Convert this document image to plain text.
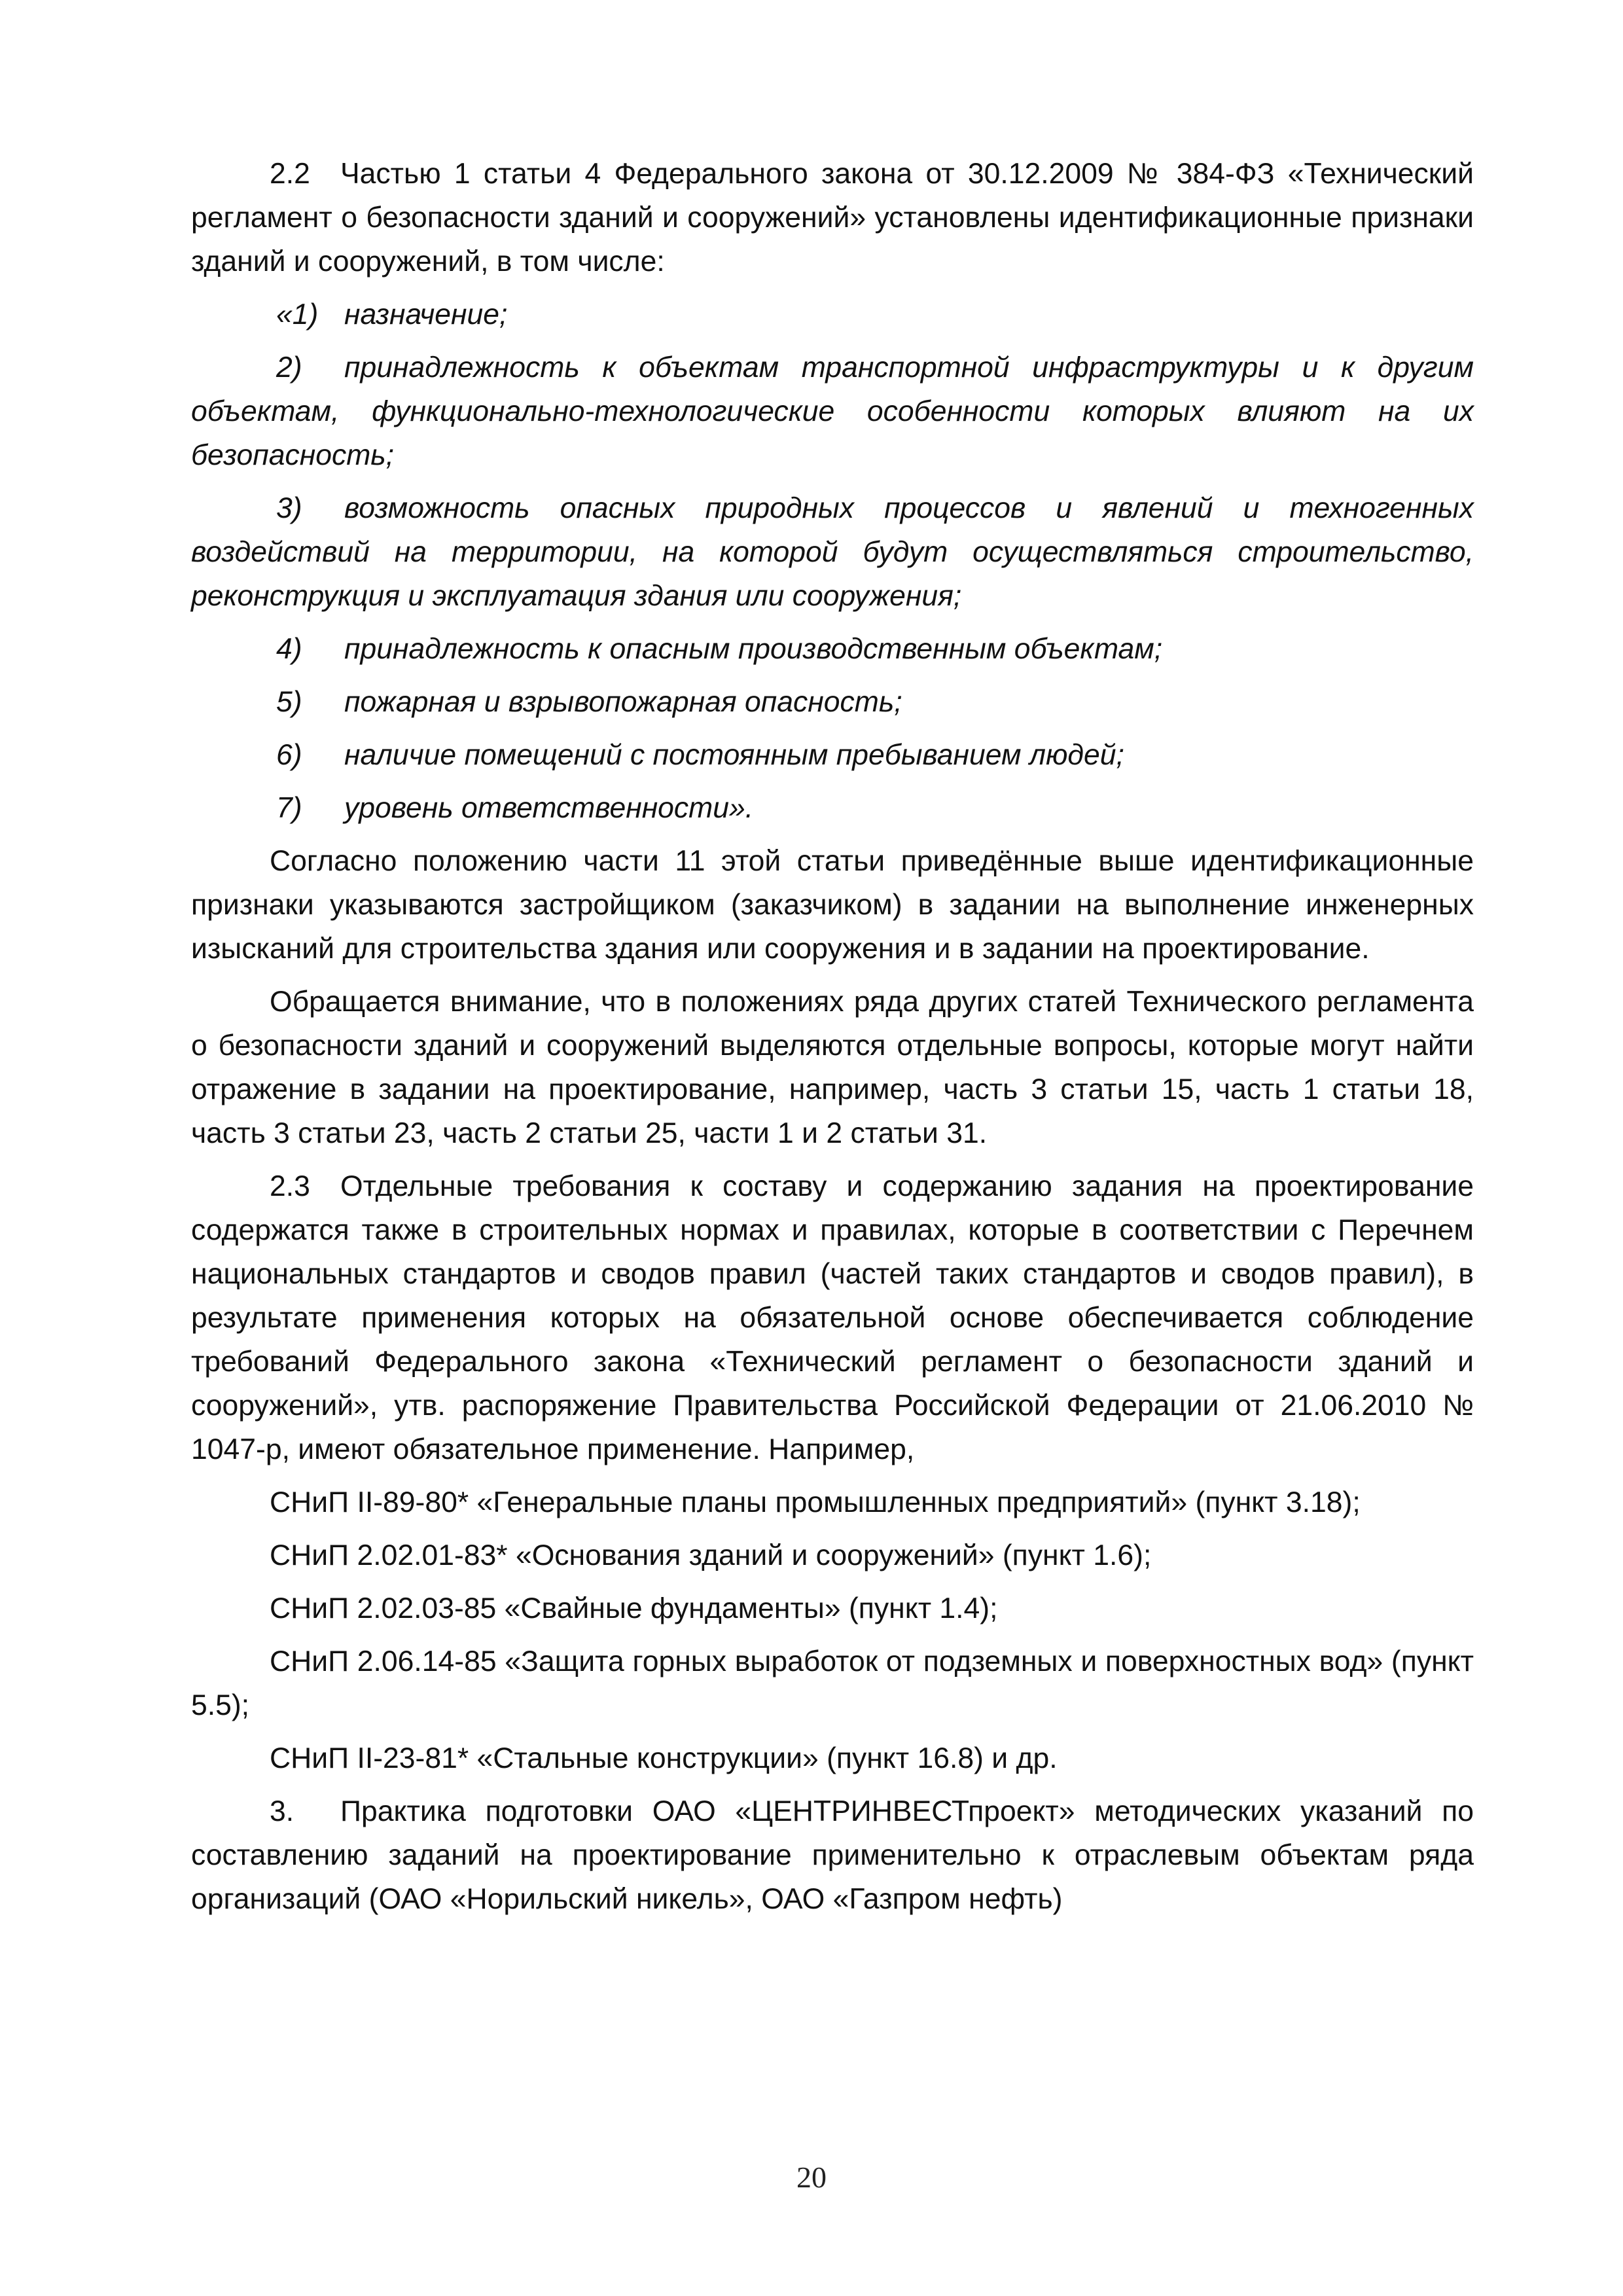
2.2 Частью 1 статьи 4 Федерального закона от 30.12.2009 № 384-ФЗ «Технический регламент о безопасности зданий и сооружений» установлены идентификационные признаки зданий и сооружений, в том числе:

«1) назначение;

2) принадлежность к объектам транспортной инфраструктуры и к другим объектам, функционально-технологические особенности которых влияют на их безопасность;

3) возможность опасных природных процессов и явлений и техногенных воздействий на территории, на которой будут осуществляться строительство, реконструкция и эксплуатация здания или сооружения;

4) принадлежность к опасным производственным объектам;

5) пожарная и взрывопожарная опасность;

6) наличие помещений с постоянным пребыванием людей;

7) уровень ответственности».

Согласно положению части 11 этой статьи приведённые выше идентификационные признаки указываются застройщиком (заказчиком) в задании на выполнение инженерных изысканий для строительства здания или сооружения и в задании на проектирование.

Обращается внимание, что в положениях ряда других статей Технического регламента о безопасности зданий и сооружений выделяются отдельные вопросы, которые могут найти отражение в задании на проектирование, например, часть 3 статьи 15, часть 1 статьи 18, часть 3 статьи 23, часть 2 статьи 25, части 1 и 2 статьи 31.

2.3 Отдельные требования к составу и содержанию задания на проектирование содержатся также в строительных нормах и правилах, которые в соответствии с Перечнем национальных стандартов и сводов правил (частей таких стандартов и сводов правил), в результате применения которых на обязательной основе обеспечивается соблюдение требований Федерального закона «Технический регламент о безопасности зданий и сооружений», утв. распоряжение Правительства Российской Федерации от 21.06.2010 № 1047-р, имеют обязательное применение. Например,

СНиП II-89-80* «Генеральные планы промышленных предприятий» (пункт 3.18);

СНиП 2.02.01-83* «Основания зданий и сооружений» (пункт 1.6);

СНиП 2.02.03-85 «Свайные фундаменты» (пункт 1.4);

СНиП 2.06.14-85 «Защита горных выработок от подземных и поверхностных вод» (пункт 5.5);

СНиП II-23-81* «Стальные конструкции» (пункт 16.8) и др.

3. Практика подготовки ОАО «ЦЕНТРИНВЕСТпроект» методических указаний по составлению заданий на проектирование применительно к отраслевым объектам ряда организаций (ОАО «Норильский никель», ОАО «Газпром нефть)

20
